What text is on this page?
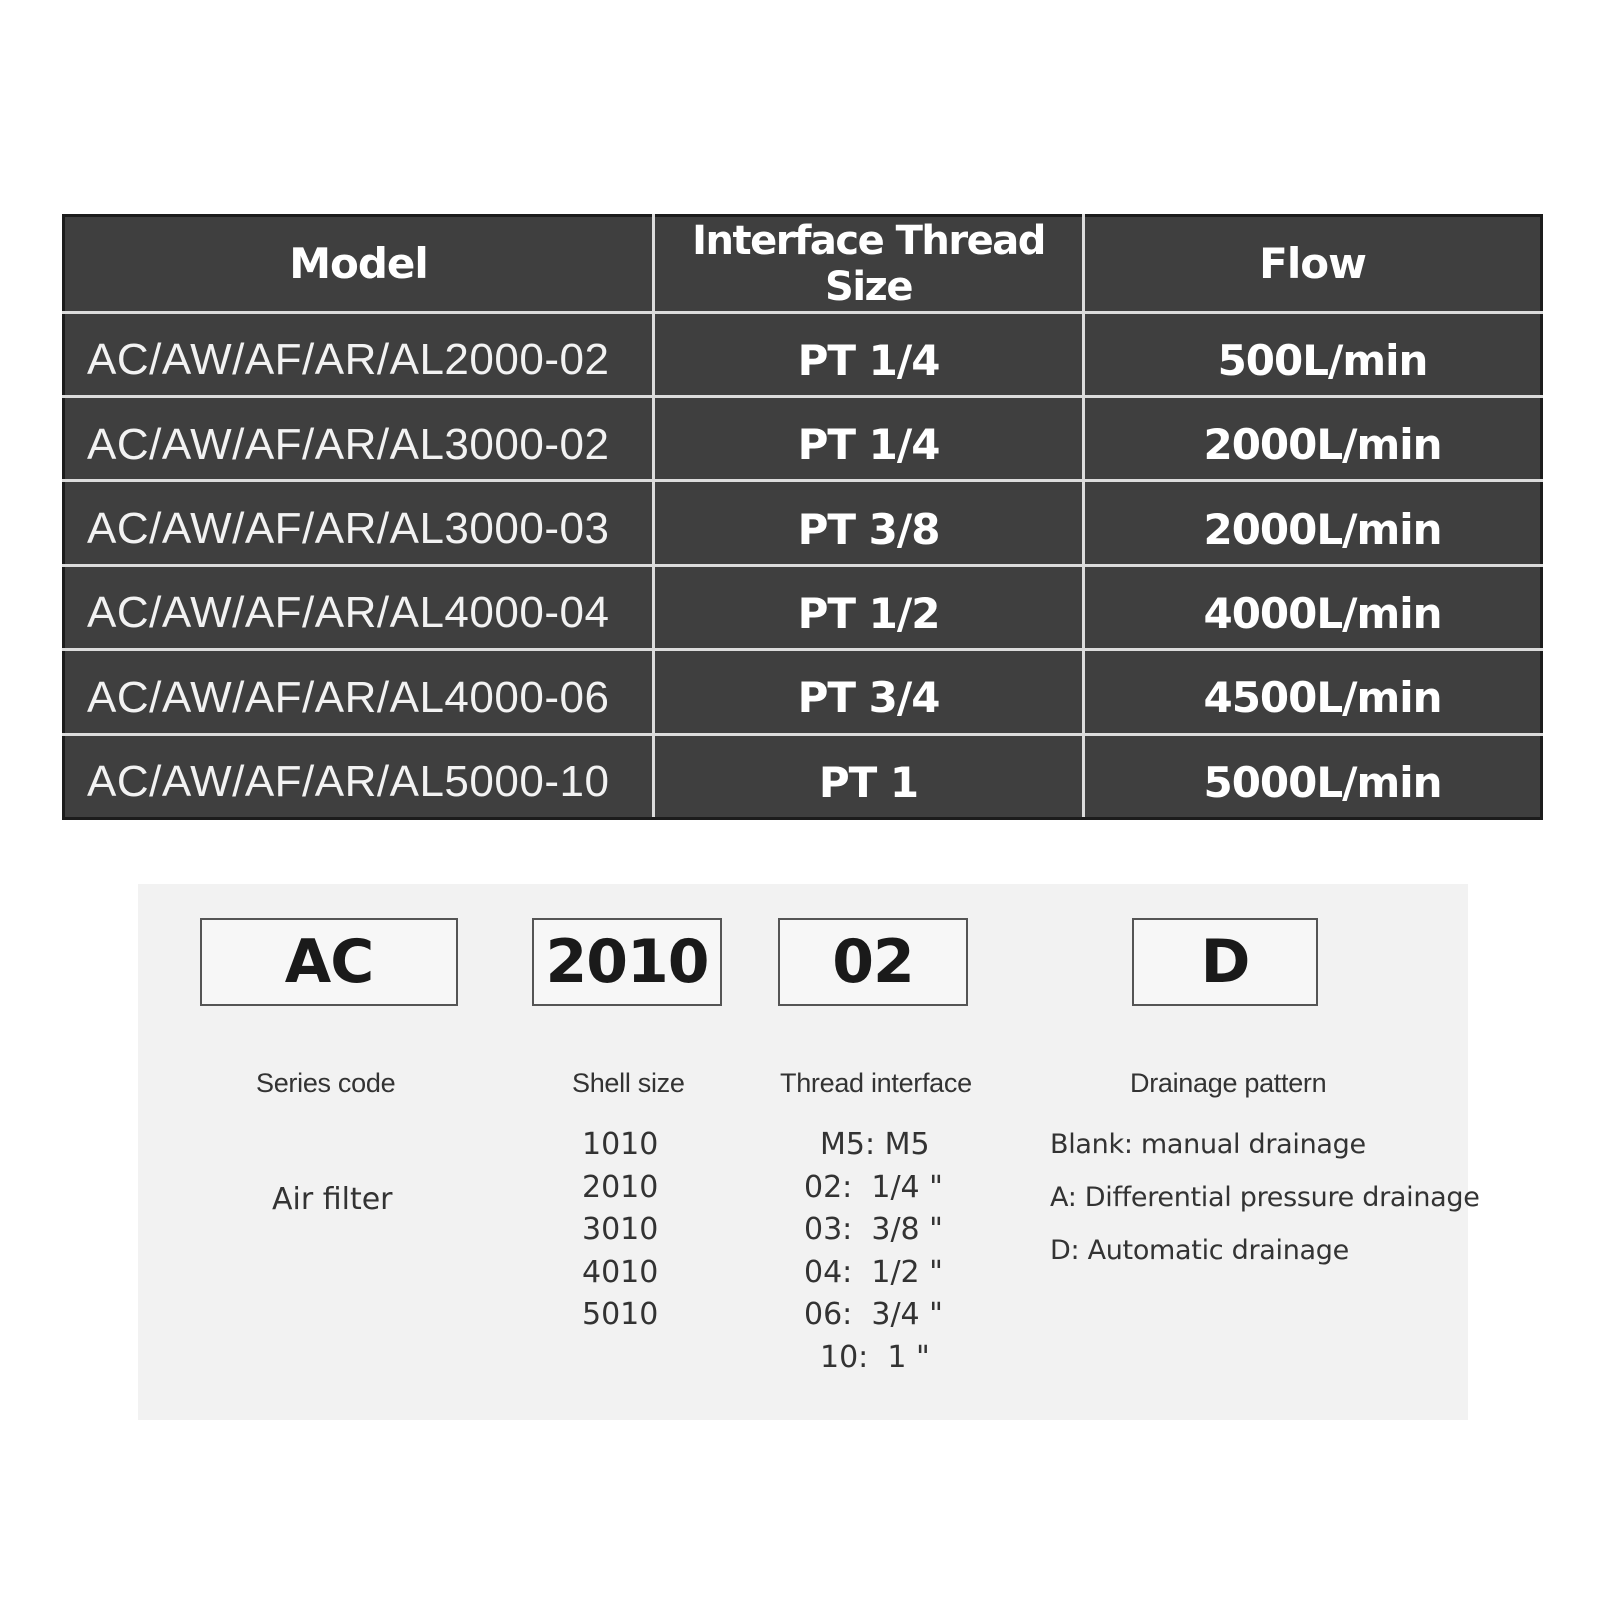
Model	Interface Thread Size	Flow
AC/AW/AF/AR/AL2000-02	PT 1/4	500L/min
AC/AW/AF/AR/AL3000-02	PT 1/4	2000L/min
AC/AW/AF/AR/AL3000-03	PT 3/8	2000L/min
AC/AW/AF/AR/AL4000-04	PT 1/2	4000L/min
AC/AW/AF/AR/AL4000-06	PT 3/4	4500L/min
AC/AW/AF/AR/AL5000-10	PT 1	5000L/min
AC	2010	02	D
Series code	Shell size	Thread interface	Drainage pattern
Air filter
1010
2010
3010
4010
5010
M5: M5
02:  1/4 "
03:  3/8 "
04:  1/2 "
06:  3/4 "
10:  1 "
Blank: manual drainage
A: Differential pressure drainage
D: Automatic drainage
